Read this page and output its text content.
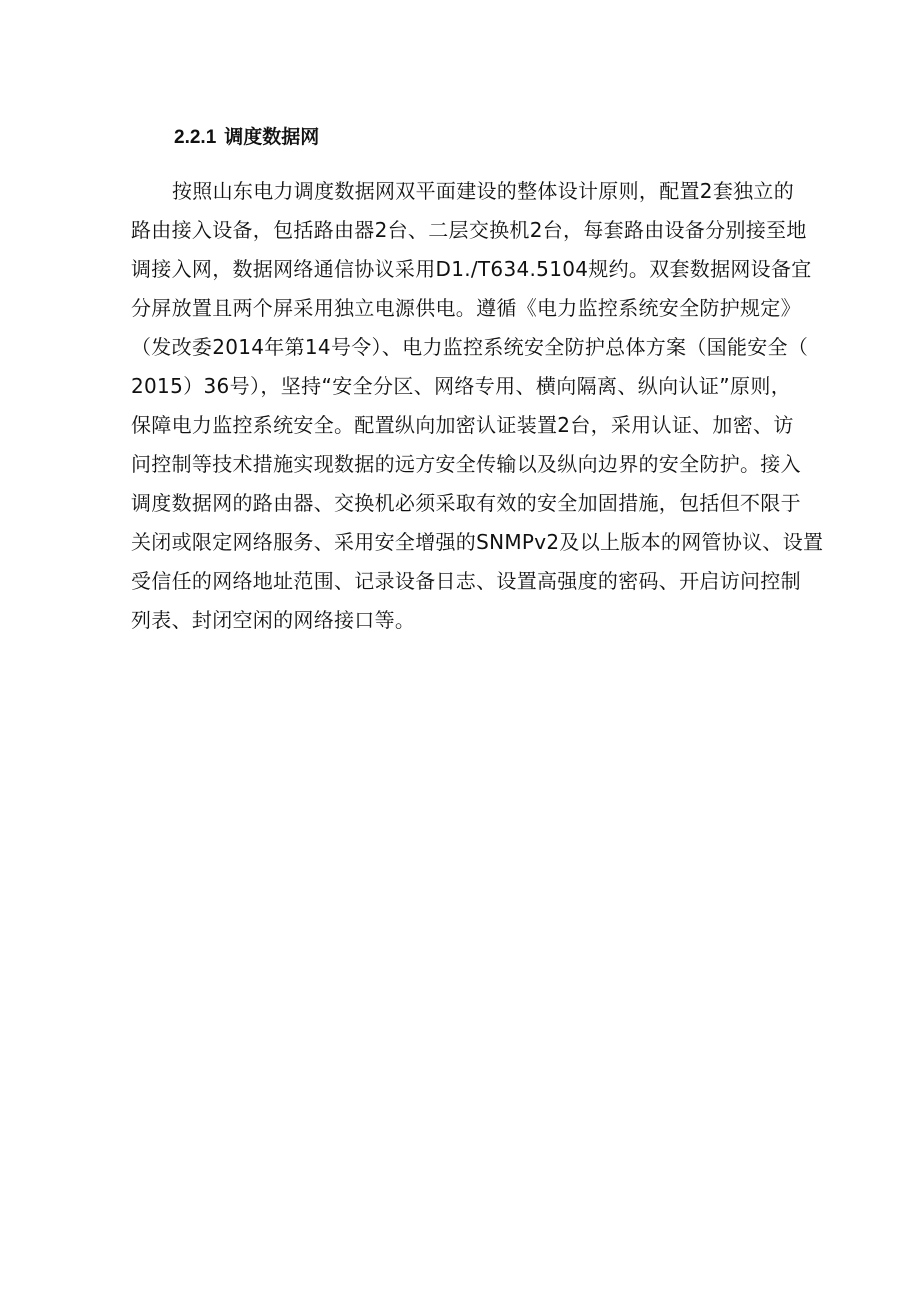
2.2.1 调度数据网

按照山东电力调度数据网双平面建设的整体设计原则，配置2套独立的
路由接入设备，包括路由器2台、二层交换机2台，每套路由设备分别接至地
调接入网，数据网络通信协议采用D1./T634.5104规约。双套数据网设备宜
分屏放置且两个屏采用独立电源供电。遵循《电力监控系统安全防护规定》
（发改委2014年第14号令）、电力监控系统安全防护总体方案（国能安全（
2015）36号），坚持“安全分区、网络专用、横向隔离、纵向认证”原则，
保障电力监控系统安全。配置纵向加密认证装置2台，采用认证、加密、访
问控制等技术措施实现数据的远方安全传输以及纵向边界的安全防护。接入
调度数据网的路由器、交换机必须采取有效的安全加固措施，包括但不限于
关闭或限定网络服务、采用安全增强的SNMPv2及以上版本的网管协议、设置
受信任的网络地址范围、记录设备日志、设置高强度的密码、开启访问控制
列表、封闭空闲的网络接口等。
